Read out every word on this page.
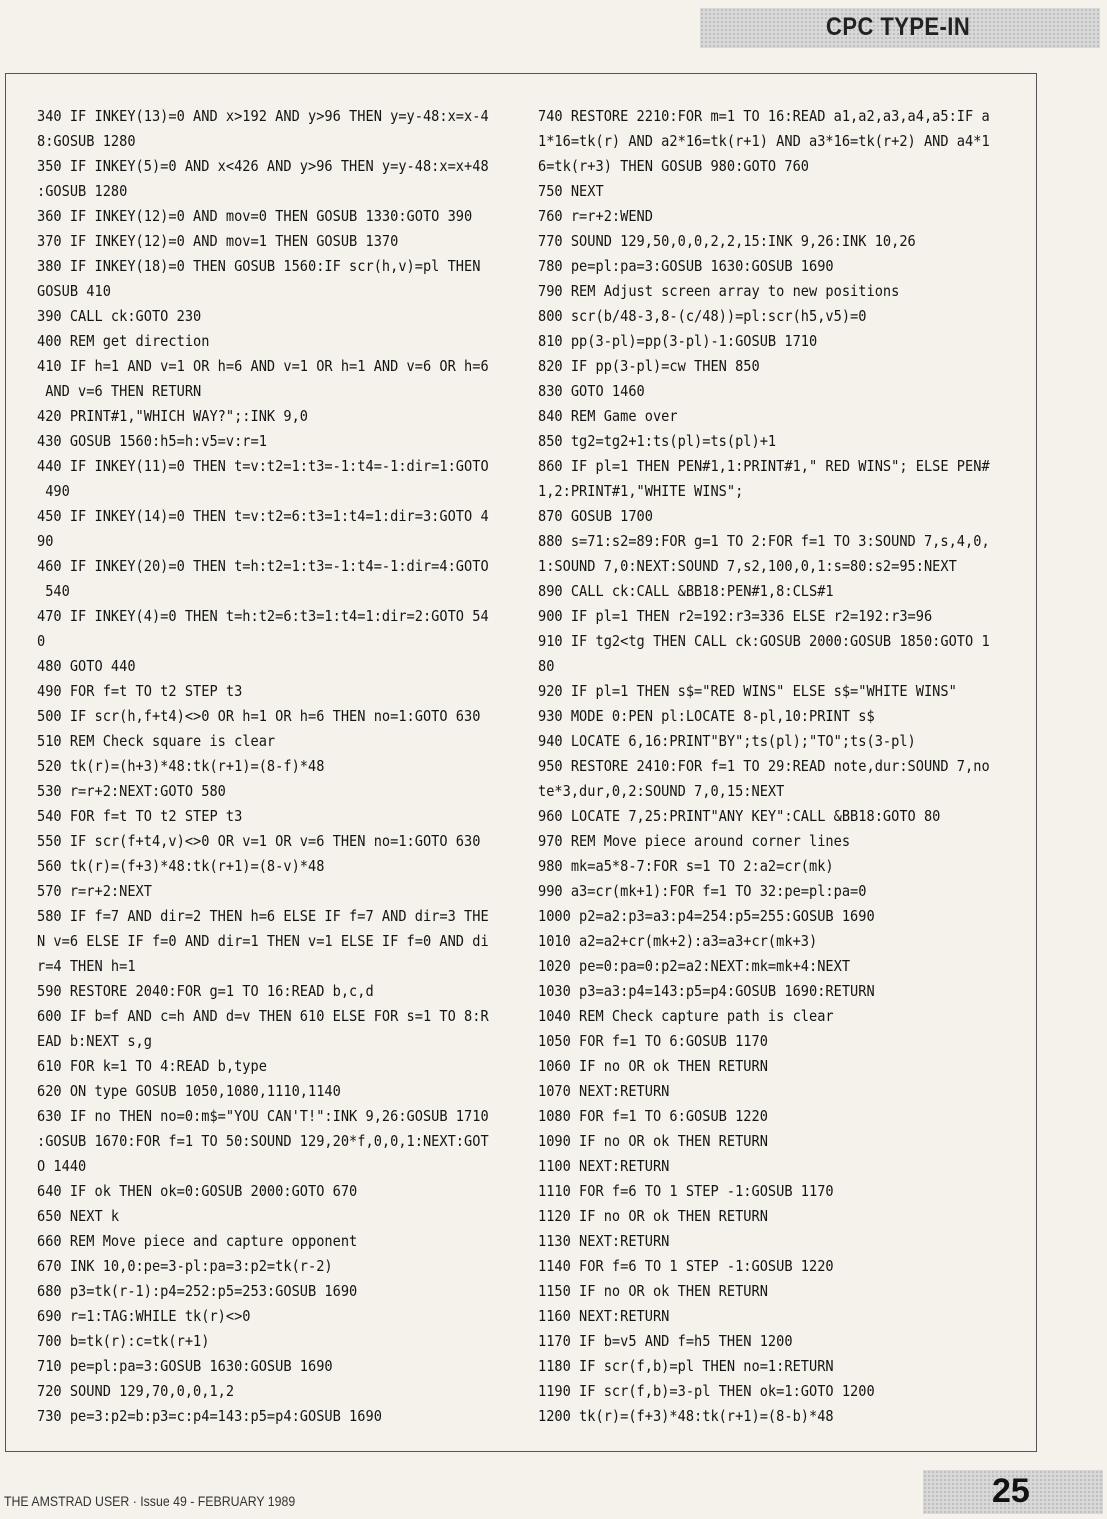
CPC TYPE-IN
340 IF INKEY(13)=0 AND x>192 AND y>96 THEN y=y-48:x=x-4
8:GOSUB 1280
350 IF INKEY(5)=0 AND x<426 AND y>96 THEN y=y-48:x=x+48
:GOSUB 1280
360 IF INKEY(12)=0 AND mov=0 THEN GOSUB 1330:GOTO 390
370 IF INKEY(12)=0 AND mov=1 THEN GOSUB 1370
380 IF INKEY(18)=0 THEN GOSUB 1560:IF scr(h,v)=pl THEN
GOSUB 410
390 CALL ck:GOTO 230
400 REM get direction
410 IF h=1 AND v=1 OR h=6 AND v=1 OR h=1 AND v=6 OR h=6
AND v=6 THEN RETURN
420 PRINT#1,"WHICH WAY?";:INK 9,0
430 GOSUB 1560:h5=h:v5=v:r=1
440 IF INKEY(11)=0 THEN t=v:t2=1:t3=-1:t4=-1:dir=1:GOTO
490
450 IF INKEY(14)=0 THEN t=v:t2=6:t3=1:t4=1:dir=3:GOTO 4
90
460 IF INKEY(20)=0 THEN t=h:t2=1:t3=-1:t4=-1:dir=4:GOTO
540
470 IF INKEY(4)=0 THEN t=h:t2=6:t3=1:t4=1:dir=2:GOTO 54
0
480 GOTO 440
490 FOR f=t TO t2 STEP t3
500 IF scr(h,f+t4)<>0 OR h=1 OR h=6 THEN no=1:GOTO 630
510 REM Check square is clear
520 tk(r)=(h+3)*48:tk(r+1)=(8-f)*48
530 r=r+2:NEXT:GOTO 580
540 FOR f=t TO t2 STEP t3
550 IF scr(f+t4,v)<>0 OR v=1 OR v=6 THEN no=1:GOTO 630
560 tk(r)=(f+3)*48:tk(r+1)=(8-v)*48
570 r=r+2:NEXT
580 IF f=7 AND dir=2 THEN h=6 ELSE IF f=7 AND dir=3 THE
N v=6 ELSE IF f=0 AND dir=1 THEN v=1 ELSE IF f=0 AND di
r=4 THEN h=1
590 RESTORE 2040:FOR g=1 TO 16:READ b,c,d
600 IF b=f AND c=h AND d=v THEN 610 ELSE FOR s=1 TO 8:R
EAD b:NEXT s,g
610 FOR k=1 TO 4:READ b,type
620 ON type GOSUB 1050,1080,1110,1140
630 IF no THEN no=0:m$="YOU CAN'T!":INK 9,26:GOSUB 1710
:GOSUB 1670:FOR f=1 TO 50:SOUND 129,20*f,0,0,1:NEXT:GOT
O 1440
640 IF ok THEN ok=0:GOSUB 2000:GOTO 670
650 NEXT k
660 REM Move piece and capture opponent
670 INK 10,0:pe=3-pl:pa=3:p2=tk(r-2)
680 p3=tk(r-1):p4=252:p5=253:GOSUB 1690
690 r=1:TAG:WHILE tk(r)<>0
700 b=tk(r):c=tk(r+1)
710 pe=pl:pa=3:GOSUB 1630:GOSUB 1690
720 SOUND 129,70,0,0,1,2
730 pe=3:p2=b:p3=c:p4=143:p5=p4:GOSUB 1690
740 RESTORE 2210:FOR m=1 TO 16:READ a1,a2,a3,a4,a5:IF a
1*16=tk(r) AND a2*16=tk(r+1) AND a3*16=tk(r+2) AND a4*1
6=tk(r+3) THEN GOSUB 980:GOTO 760
750 NEXT
760 r=r+2:WEND
770 SOUND 129,50,0,0,2,2,15:INK 9,26:INK 10,26
780 pe=pl:pa=3:GOSUB 1630:GOSUB 1690
790 REM Adjust screen array to new positions
800 scr(b/48-3,8-(c/48))=pl:scr(h5,v5)=0
810 pp(3-pl)=pp(3-pl)-1:GOSUB 1710
820 IF pp(3-pl)=cw THEN 850
830 GOTO 1460
840 REM Game over
850 tg2=tg2+1:ts(pl)=ts(pl)+1
860 IF pl=1 THEN PEN#1,1:PRINT#1," RED WINS"; ELSE PEN#
1,2:PRINT#1,"WHITE WINS";
870 GOSUB 1700
880 s=71:s2=89:FOR g=1 TO 2:FOR f=1 TO 3:SOUND 7,s,4,0,
1:SOUND 7,0:NEXT:SOUND 7,s2,100,0,1:s=80:s2=95:NEXT
890 CALL ck:CALL &BB18:PEN#1,8:CLS#1
900 IF pl=1 THEN r2=192:r3=336 ELSE r2=192:r3=96
910 IF tg2<tg THEN CALL ck:GOSUB 2000:GOSUB 1850:GOTO 1
80
920 IF pl=1 THEN s$="RED WINS" ELSE s$="WHITE WINS"
930 MODE 0:PEN pl:LOCATE 8-pl,10:PRINT s$
940 LOCATE 6,16:PRINT"BY";ts(pl);"TO";ts(3-pl)
950 RESTORE 2410:FOR f=1 TO 29:READ note,dur:SOUND 7,no
te*3,dur,0,2:SOUND 7,0,15:NEXT
960 LOCATE 7,25:PRINT"ANY KEY":CALL &BB18:GOTO 80
970 REM Move piece around corner lines
980 mk=a5*8-7:FOR s=1 TO 2:a2=cr(mk)
990 a3=cr(mk+1):FOR f=1 TO 32:pe=pl:pa=0
1000 p2=a2:p3=a3:p4=254:p5=255:GOSUB 1690
1010 a2=a2+cr(mk+2):a3=a3+cr(mk+3)
1020 pe=0:pa=0:p2=a2:NEXT:mk=mk+4:NEXT
1030 p3=a3:p4=143:p5=p4:GOSUB 1690:RETURN
1040 REM Check capture path is clear
1050 FOR f=1 TO 6:GOSUB 1170
1060 IF no OR ok THEN RETURN
1070 NEXT:RETURN
1080 FOR f=1 TO 6:GOSUB 1220
1090 IF no OR ok THEN RETURN
1100 NEXT:RETURN
1110 FOR f=6 TO 1 STEP -1:GOSUB 1170
1120 IF no OR ok THEN RETURN
1130 NEXT:RETURN
1140 FOR f=6 TO 1 STEP -1:GOSUB 1220
1150 IF no OR ok THEN RETURN
1160 NEXT:RETURN
1170 IF b=v5 AND f=h5 THEN 1200
1180 IF scr(f,b)=pl THEN no=1:RETURN
1190 IF scr(f,b)=3-pl THEN ok=1:GOTO 1200
1200 tk(r)=(f+3)*48:tk(r+1)=(8-b)*48
THE AMSTRAD USER · Issue 49 - FEBRUARY 1989	25
